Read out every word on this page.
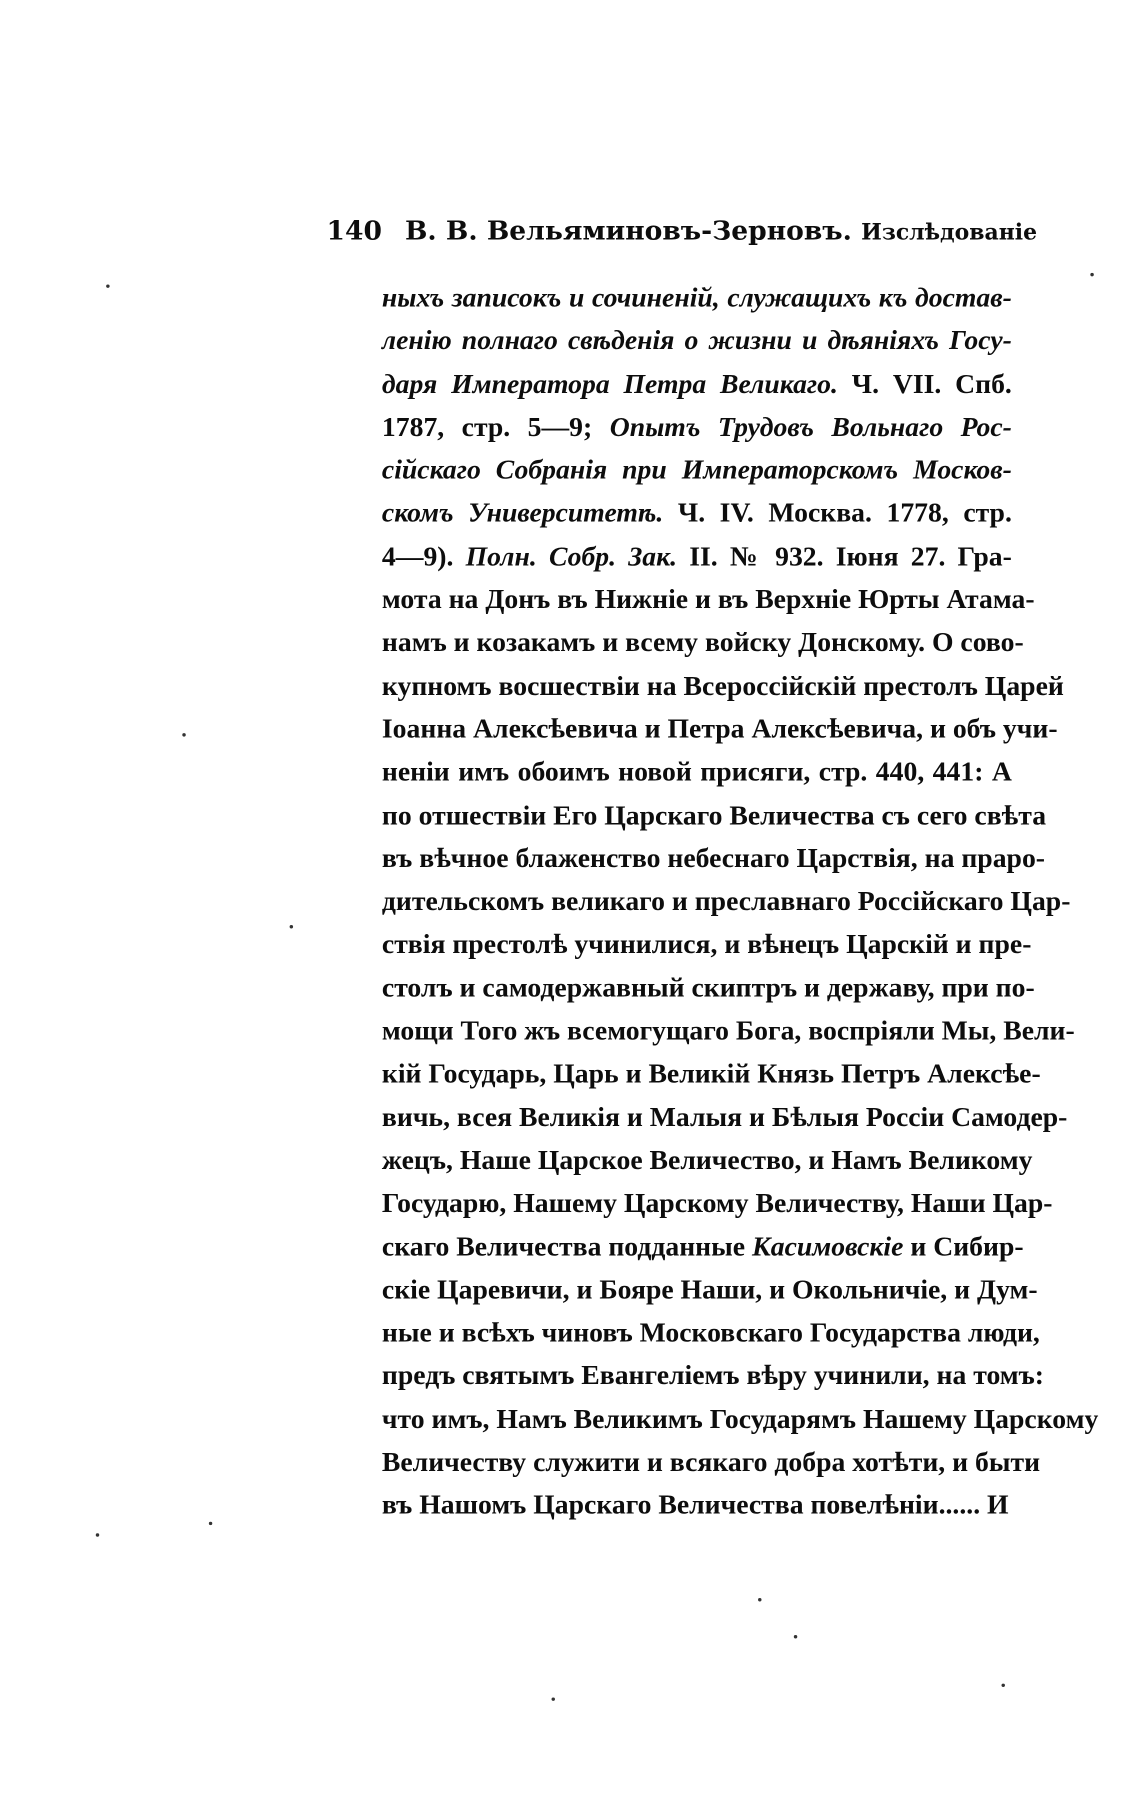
140 В. В. Вельяминовъ-Зерновъ. Изслѣдованiе
ныхъ записокъ и сочиненiй, служащихъ къ достав-
ленiю полнаго свѣденiя о жизни и дѣянiяхъ Госу-
даря Императора Петра Великаго. Ч. VII. Спб.
1787, стр. 5—9; Опытъ Трудовъ Вольнаго Рос-
сiйскаго Собранiя при Императорскомъ Москов-
скомъ Университетѣ. Ч. IV. Москва. 1778, стр.
4—9). Полн. Собр. Зак. II. № 932. Iюня 27. Гра-
мота на Донъ въ Нижнiе и въ Верхнiе Юрты Атама-
намъ и козакамъ и всему войску Донскому. О сово-
купномъ восшествiи на Всероссiйскiй престолъ Царей
Iоанна Алексѣевича и Петра Алексѣевича, и объ учи-
ненiи имъ обоимъ новой присяги, стр. 440, 441: А
по отшествiи Его Царскаго Величества съ сего свѣта
въ вѣчное блаженство небеснаго Царствiя, на праро-
дительскомъ великаго и преславнаго Россiйскаго Цар-
ствiя престолѣ учинилися, и вѣнецъ Царскiй и пре-
столъ и самодержавный скиптръ и державу, при по-
мощи Того жъ всемогущаго Бога, воспрiяли Мы, Вели-
кiй Государь, Царь и Великiй Князь Петръ Алексѣе-
вичь, всея Великiя и Малыя и Бѣлыя Россiи Самодер-
жецъ, Наше Царское Величество, и Намъ Великому
Государю, Нашему Царскому Величеству, Наши Цар-
скаго Величества подданные Касимовскiе и Сибир-
скiе Царевичи, и Бояре Наши, и Окольничiе, и Дум-
ные и всѣхъ чиновъ Московскаго Государства люди,
предъ святымъ Евангелiемъ вѣру учинили, на томъ:
что имъ, Намъ Великимъ Государямъ Нашему Царскому
Величеству служити и всякаго добра хотѣти, и быти
въ Нашомъ Царскаго Величества повелѣнiи...... И
